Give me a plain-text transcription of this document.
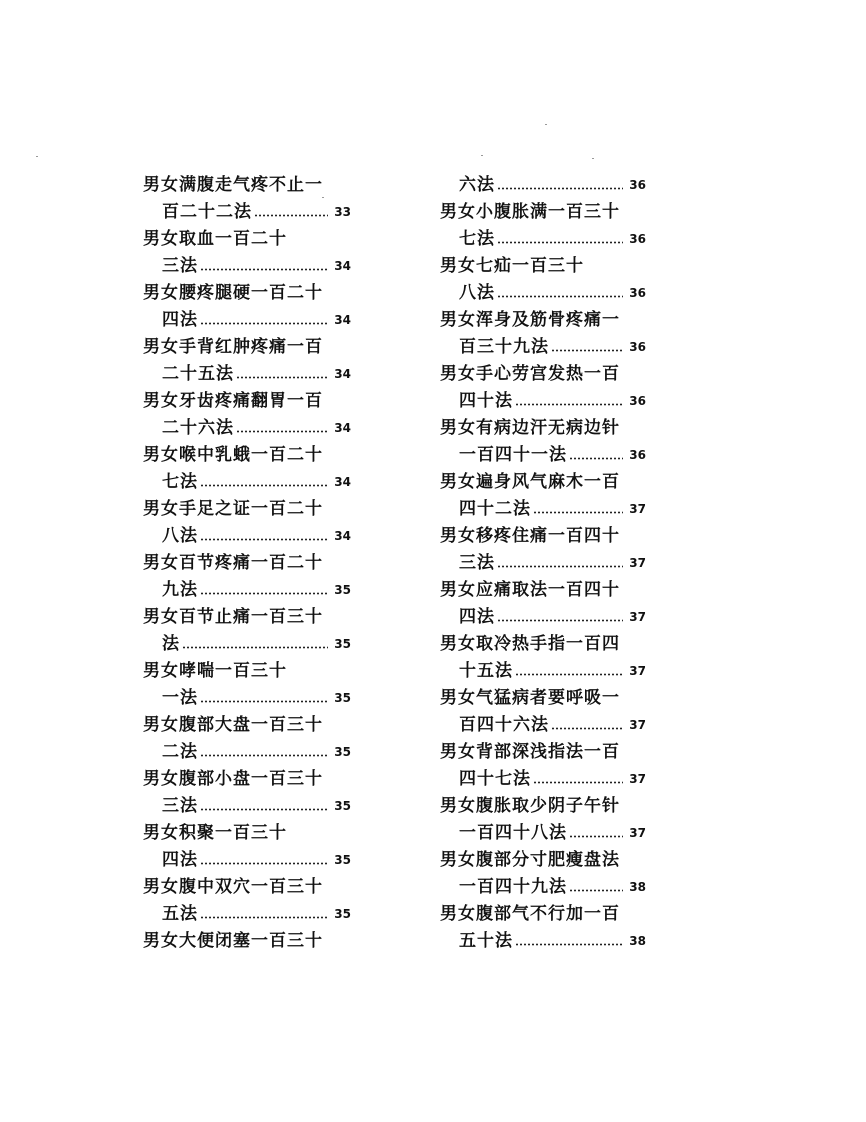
男女满腹走气疼不止一
百二十二法	33
男女取血一百二十
三法	34
男女腰疼腿硬一百二十
四法	34
男女手背红肿疼痛一百
二十五法	34
男女牙齿疼痛翻胃一百
二十六法	34
男女喉中乳蛾一百二十
七法	34
男女手足之证一百二十
八法	34
男女百节疼痛一百二十
九法	35
男女百节止痛一百三十
法	35
男女哮喘一百三十
一法	35
男女腹部大盘一百三十
二法	35
男女腹部小盘一百三十
三法	35
男女积聚一百三十
四法	35
男女腹中双穴一百三十
五法	35
男女大便闭塞一百三十
六法	36
男女小腹胀满一百三十
七法	36
男女七疝一百三十
八法	36
男女浑身及筋骨疼痛一
百三十九法	36
男女手心劳宫发热一百
四十法	36
男女有病边汗无病边针
一百四十一法	36
男女遍身风气麻木一百
四十二法	37
男女移疼住痛一百四十
三法	37
男女应痛取法一百四十
四法	37
男女取冷热手指一百四
十五法	37
男女气猛病者要呼吸一
百四十六法	37
男女背部深浅指法一百
四十七法	37
男女腹胀取少阴子午针
一百四十八法	37
男女腹部分寸肥瘦盘法
一百四十九法	38
男女腹部气不行加一百
五十法	38
